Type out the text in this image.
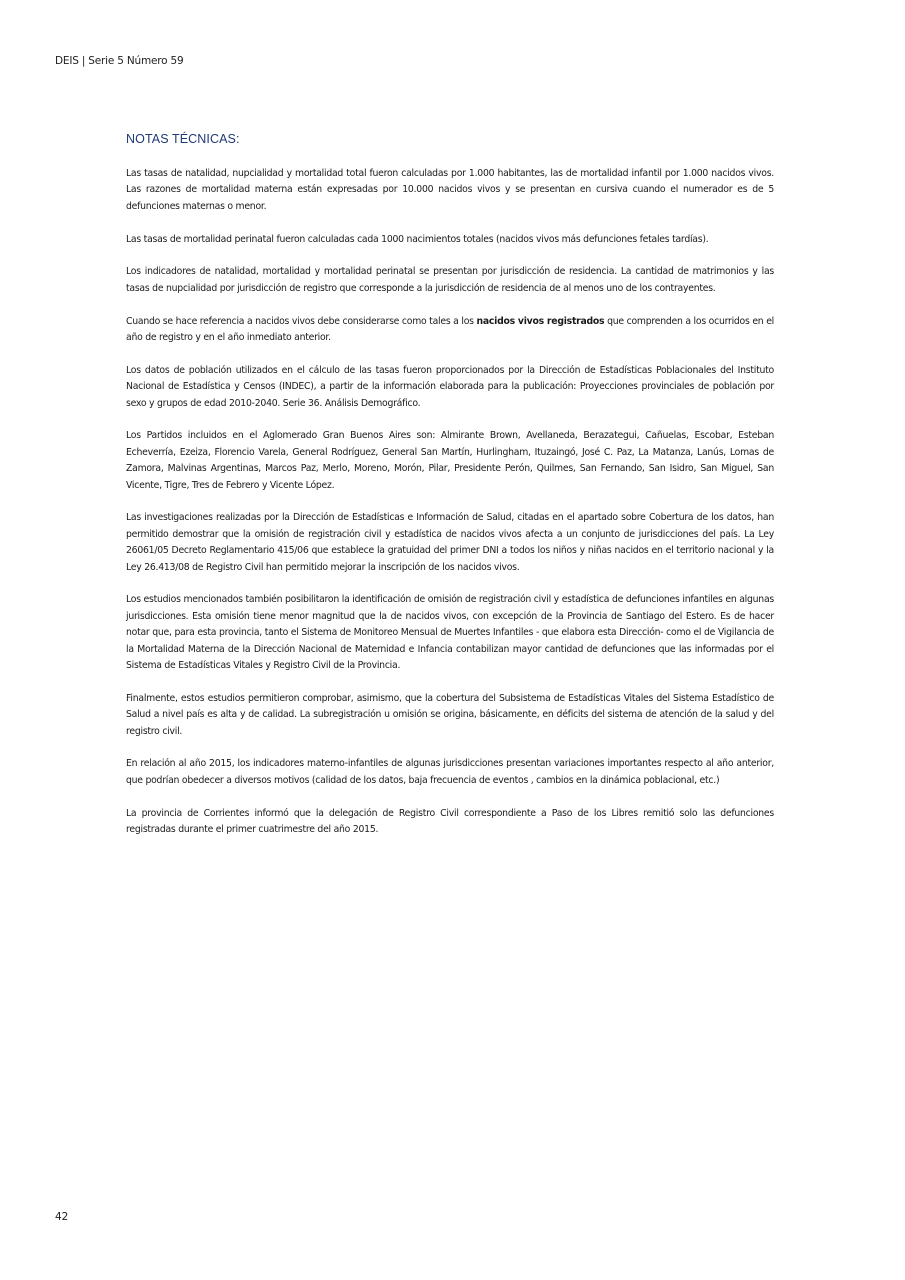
DEIS | Serie 5 Número 59
NOTAS TÉCNICAS:

Las tasas de natalidad, nupcialidad y mortalidad total fueron calculadas por 1.000 habitantes, las de mortalidad infantil por 1.000 nacidos vivos. Las razones de mortalidad materna están expresadas por 10.000 nacidos vivos y se presentan en cursiva cuando el numerador es de 5 defunciones maternas o menor.

Las tasas de mortalidad perinatal fueron calculadas cada 1000 nacimientos totales (nacidos vivos más defunciones fetales tardías).

Los indicadores de natalidad, mortalidad y mortalidad perinatal se presentan por jurisdicción de residencia. La cantidad de matrimonios y las tasas de nupcialidad por jurisdicción de registro que corresponde a la jurisdicción de residencia de al menos uno de los contrayentes.

Cuando se hace referencia a nacidos vivos debe considerarse como tales a los nacidos vivos registrados que comprenden a los ocurridos en el año de registro y en el año inmediato anterior.

Los datos de población utilizados en el cálculo de las tasas fueron proporcionados por la Dirección de Estadísticas Poblacionales del Instituto Nacional de Estadística y Censos (INDEC), a partir de la información elaborada para la publicación: Proyecciones provinciales de población por sexo y grupos de edad 2010-2040. Serie 36. Análisis Demográfico.

Los Partidos incluidos en el Aglomerado Gran Buenos Aires son: Almirante Brown, Avellaneda, Berazategui, Cañuelas, Escobar, Esteban Echeverría, Ezeiza, Florencio Varela, General Rodríguez, General San Martín, Hurlingham, Ituzaingó, José C. Paz, La Matanza, Lanús, Lomas de Zamora, Malvinas Argentinas, Marcos Paz, Merlo, Moreno, Morón, Pilar, Presidente Perón, Quilmes, San Fernando, San Isidro, San Miguel, San Vicente, Tigre, Tres de Febrero y Vicente López.

Las investigaciones realizadas por la Dirección de Estadísticas e Información de Salud, citadas en el apartado sobre Cobertura de los datos, han permitido demostrar que la omisión de registración civil y estadística de nacidos vivos afecta a un conjunto de jurisdicciones del país. La Ley 26061/05 Decreto Reglamentario 415/06 que establece la gratuidad del primer DNI a todos los niños y niñas nacidos en el territorio nacional y la Ley 26.413/08 de Registro Civil han permitido mejorar la inscripción de los nacidos vivos.

Los estudios mencionados también posibilitaron la identificación de omisión de registración civil y estadística de defunciones infantiles en algunas jurisdicciones. Esta omisión tiene menor magnitud que la de nacidos vivos, con excepción de la Provincia de Santiago del Estero. Es de hacer notar que, para esta provincia, tanto el Sistema de Monitoreo Mensual de Muertes Infantiles - que elabora esta Dirección- como el de Vigilancia de la Mortalidad Materna de la Dirección Nacional de Maternidad e Infancia contabilizan mayor cantidad de defunciones que las informadas por el Sistema de Estadísticas Vitales y Registro Civil de la Provincia.

Finalmente, estos estudios permitieron comprobar, asimismo, que la cobertura del Subsistema de Estadísticas Vitales del Sistema Estadístico de Salud a nivel país es alta y de calidad. La subregistración u omisión se origina, básicamente, en déficits del sistema de atención de la salud y del registro civil.

En relación al año 2015, los indicadores materno-infantiles de algunas jurisdicciones presentan variaciones importantes respecto al año anterior, que podrían obedecer a diversos motivos (calidad de los datos, baja frecuencia de eventos , cambios en la dinámica poblacional, etc.)

La provincia de Corrientes informó que la delegación de Registro Civil correspondiente a Paso de los Libres remitió solo las defunciones registradas durante el primer cuatrimestre del año 2015.

42
